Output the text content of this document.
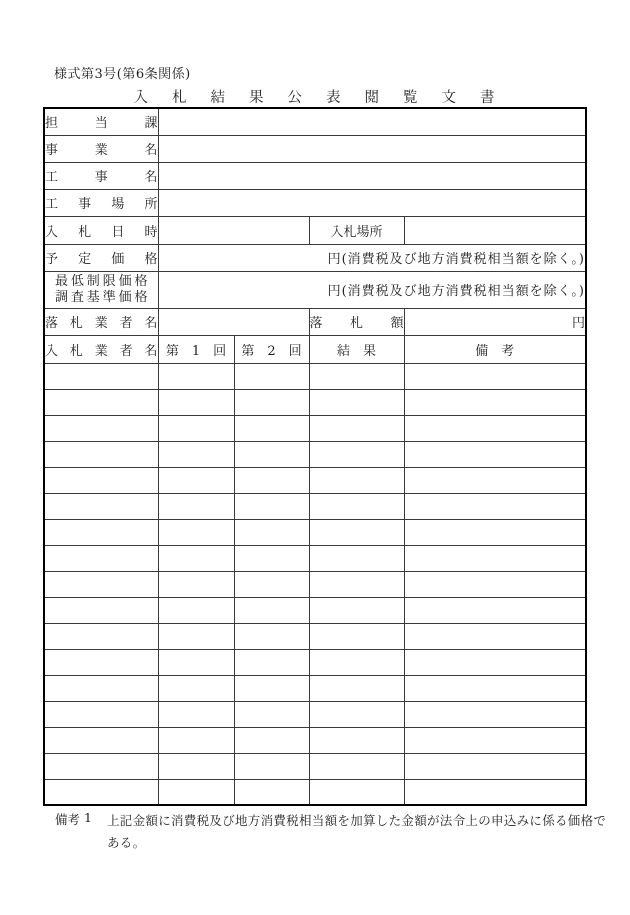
様式第3号(第6条関係)
入札結果公表閲覧文書
担当課				
事業名				
工事名				
工事場所				
入札日時			入札場所	
予定価格	円(消費税及び地方消費税相当額を除く。)			

最低制限価格
調査基準価格	円(消費税及び地方消費税相当額を除く。)			
落札業者名			落札額	円
入札業者名	第　1　回	第　2　回	結　果	備　考

備考 1 上記金額に消費税及び地方消費税相当額を加算した金額が法令上の申込みに係る価格で
ある。
